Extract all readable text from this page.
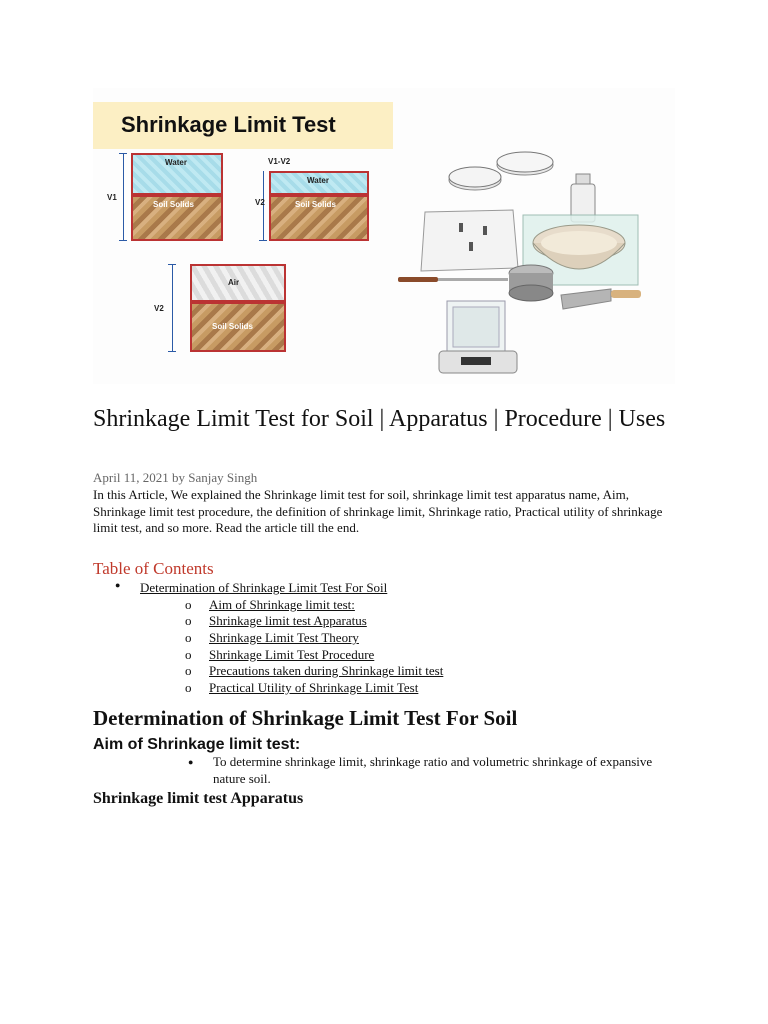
Shrinkage Limit Test
V1
Water
Soil Solids
V1-V2
V2
Water
Soil Solids
V2
Air
Soil Solids
Shrinkage Limit Test for Soil | Apparatus | Procedure | Uses
April 11, 2021 by Sanjay Singh

In this Article, We explained the Shrinkage limit test for soil, shrinkage limit test apparatus name, Aim, Shrinkage limit test procedure, the definition of shrinkage limit, Shrinkage ratio, Practical utility of shrinkage limit test, and so more. Read the article till the end.

Table of Contents
● Determination of Shrinkage Limit Test For Soil
o Aim of Shrinkage limit test:
o Shrinkage limit test Apparatus
o Shrinkage Limit Test Theory
o Shrinkage Limit Test Procedure
o Precautions taken during Shrinkage limit test
o Practical Utility of Shrinkage Limit Test
Determination of Shrinkage Limit Test For Soil
Aim of Shrinkage limit test:
● To determine shrinkage limit, shrinkage ratio and volumetric shrinkage of expansive nature soil.
Shrinkage limit test Apparatus
